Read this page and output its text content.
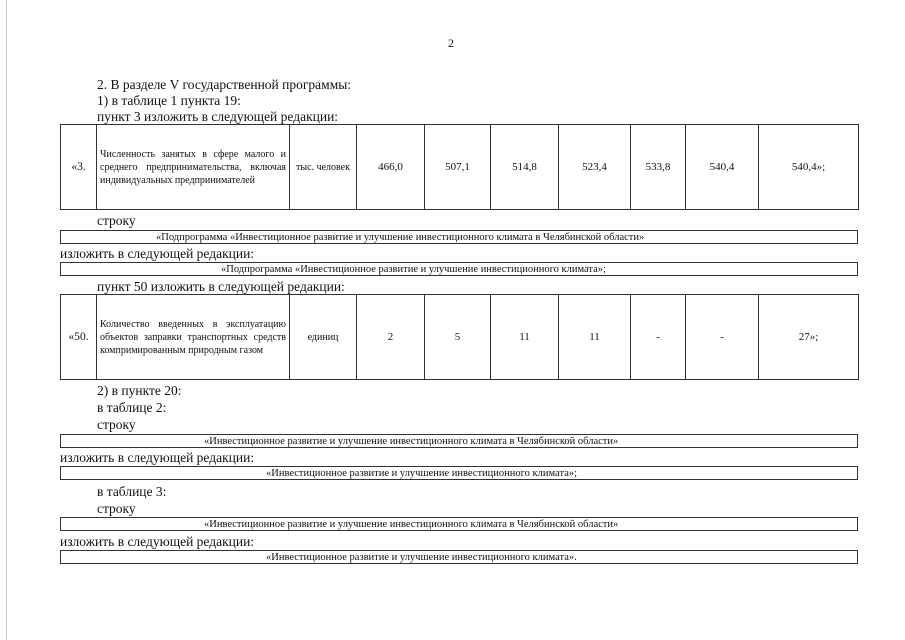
2
2. В разделе V государственной программы:
1) в таблице 1 пункта 19:
пункт 3 изложить в следующей редакции:
«3.	Численность занятых в сфере малого и среднего предпринимательства, включая индивидуальных предпринимателей	тыс. человек	466,0	507,1	514,8	523,4	533,8	540,4	540,4»;
строку
«Подпрограмма «Инвестиционное развитие и улучшение инвестиционного климата в Челябинской области»
изложить в следующей редакции:
«Подпрограмма «Инвестиционное развитие и улучшение инвестиционного климата»;
пункт 50 изложить в следующей редакции:
«50.	Количество введенных в эксплуатацию объектов заправки транспортных средств компримированным природным газом	единиц	2	5	11	11	-	-	27»;
2) в пункте 20:
в таблице 2:
строку
«Инвестиционное развитие и улучшение инвестиционного климата в Челябинской области»
изложить в следующей редакции:
«Инвестиционное развитие и улучшение инвестиционного климата»;
в таблице 3:
строку
«Инвестиционное развитие и улучшение инвестиционного климата в Челябинской области»
изложить в следующей редакции:
«Инвестиционное развитие и улучшение инвестиционного климата».
